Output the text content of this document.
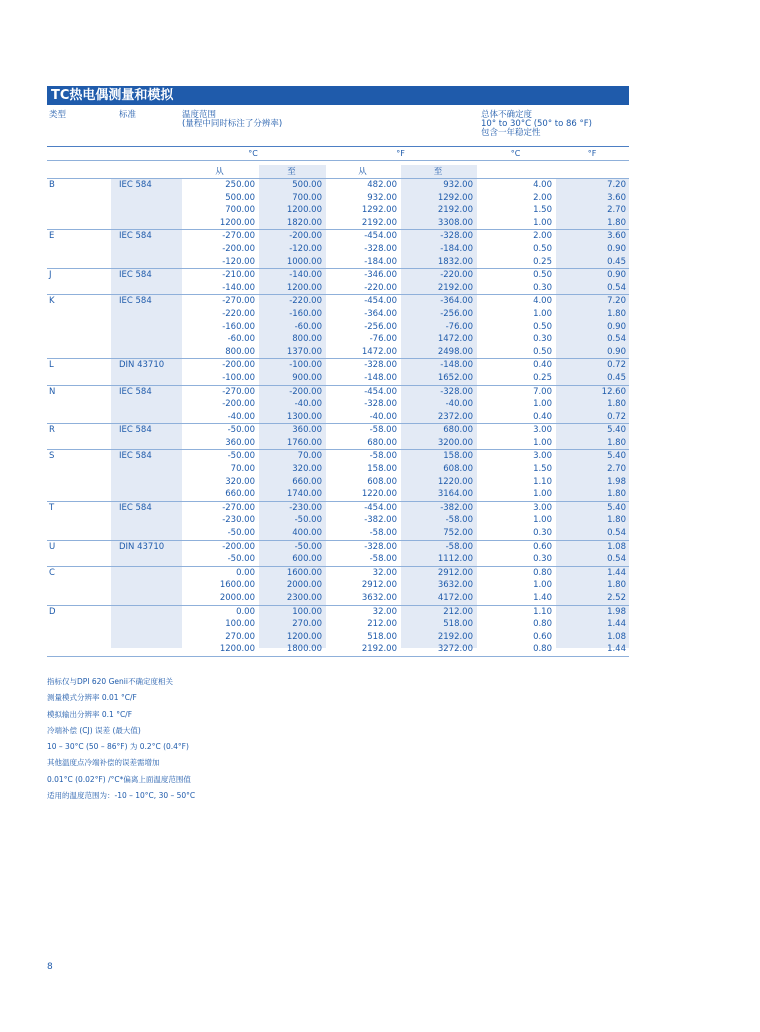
TC热电偶测量和模拟
类型	标准	温度范围
(量程中同时标注了分辨率)
总体不确定度
10° to 30°C (50° to 86 °F)
包含一年稳定性
		°C	°F	°C	°F
		从	至	从	至		
B	IEC 584	250.00	500.00	482.00	932.00	4.00	7.20
		500.00	700.00	932.00	1292.00	2.00	3.60
		700.00	1200.00	1292.00	2192.00	1.50	2.70
		1200.00	1820.00	2192.00	3308.00	1.00	1.80
E	IEC 584	-270.00	-200.00	-454.00	-328.00	2.00	3.60
		-200.00	-120.00	-328.00	-184.00	0.50	0.90
		-120.00	1000.00	-184.00	1832.00	0.25	0.45
J	IEC 584	-210.00	-140.00	-346.00	-220.00	0.50	0.90
		-140.00	1200.00	-220.00	2192.00	0.30	0.54
K	IEC 584	-270.00	-220.00	-454.00	-364.00	4.00	7.20
		-220.00	-160.00	-364.00	-256.00	1.00	1.80
		-160.00	-60.00	-256.00	-76.00	0.50	0.90
		-60.00	800.00	-76.00	1472.00	0.30	0.54
		800.00	1370.00	1472.00	2498.00	0.50	0.90
L	DIN 43710	-200.00	-100.00	-328.00	-148.00	0.40	0.72
		-100.00	900.00	-148.00	1652.00	0.25	0.45
N	IEC 584	-270.00	-200.00	-454.00	-328.00	7.00	12.60
		-200.00	-40.00	-328.00	-40.00	1.00	1.80
		-40.00	1300.00	-40.00	2372.00	0.40	0.72
R	IEC 584	-50.00	360.00	-58.00	680.00	3.00	5.40
		360.00	1760.00	680.00	3200.00	1.00	1.80
S	IEC 584	-50.00	70.00	-58.00	158.00	3.00	5.40
		70.00	320.00	158.00	608.00	1.50	2.70
		320.00	660.00	608.00	1220.00	1.10	1.98
		660.00	1740.00	1220.00	3164.00	1.00	1.80
T	IEC 584	-270.00	-230.00	-454.00	-382.00	3.00	5.40
		-230.00	-50.00	-382.00	-58.00	1.00	1.80
		-50.00	400.00	-58.00	752.00	0.30	0.54
U	DIN 43710	-200.00	-50.00	-328.00	-58.00	0.60	1.08
		-50.00	600.00	-58.00	1112.00	0.30	0.54
C		0.00	1600.00	32.00	2912.00	0.80	1.44
		1600.00	2000.00	2912.00	3632.00	1.00	1.80
		2000.00	2300.00	3632.00	4172.00	1.40	2.52
D		0.00	100.00	32.00	212.00	1.10	1.98
		100.00	270.00	212.00	518.00	0.80	1.44
		270.00	1200.00	518.00	2192.00	0.60	1.08
		1200.00	1800.00	2192.00	3272.00	0.80	1.44
指标仅与DPI 620 Genii不确定度相关
测量模式分辨率 0.01 °C/F
模拟输出分辨率 0.1 °C/F
冷端补偿 (CJ) 误差 (最大值)
10 – 30°C (50 – 86°F) 为 0.2°C (0.4°F)
其他温度点冷端补偿的误差需增加
0.01°C (0.02°F) /°C*偏离上面温度范围值
适用的温度范围为：-10 – 10°C, 30 – 50°C
8
